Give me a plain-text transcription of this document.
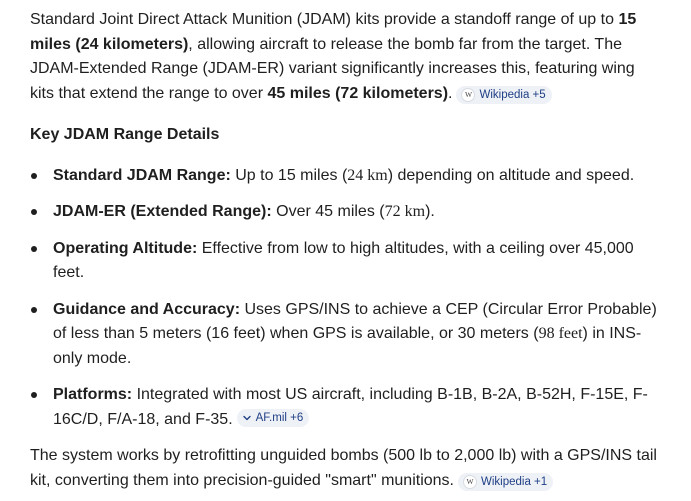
Standard Joint Direct Attack Munition (JDAM) kits provide a standoff range of up to 15 miles (24 kilometers), allowing aircraft to release the bomb far from the target. The JDAM-Extended Range (JDAM-ER) variant significantly increases this, featuring wing kits that extend the range to over 45 miles (72 kilometers).	W Wikipedia +5

Key JDAM Range Details

Standard JDAM Range: Up to 15 miles (24 km) depending on altitude and speed.
JDAM-ER (Extended Range): Over 45 miles (72 km).
Operating Altitude: Effective from low to high altitudes, with a ceiling over 45,000 feet.
Guidance and Accuracy: Uses GPS/INS to achieve a CEP (Circular Error Probable) of less than 5 meters (16 feet) when GPS is available, or 30 meters (98 feet) in INS-only mode.
Platforms: Integrated with most US aircraft, including B-1B, B-2A, B-52H, F-15E, F-16C/D, F/A-18, and F-35. AF.mil +6

The system works by retrofitting unguided bombs (500 lb to 2,000 lb) with a GPS/INS tail kit, converting them into precision-guided "smart" munitions.	W Wikipedia +1
